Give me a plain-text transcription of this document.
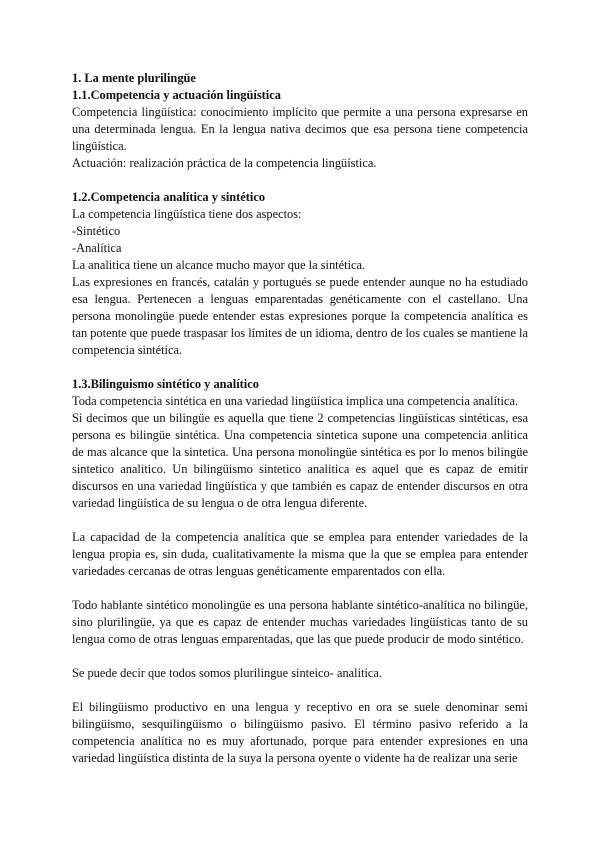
1. La mente plurilingüe
1.1.Competencia y actuación lingüística

Competencia lingüística: conocimiento implícito que permite a una persona expresarse en una determinada lengua. En la lengua nativa decimos que esa persona tiene competencia lingüística.

Actuación: realización práctica de la competencia lingüística.

1.2.Competencia analítica y sintético

La competencia lingüística tiene dos aspectos:

-Sintético

-Analítica

La analitica tiene un alcance mucho mayor que la sintética.

Las expresiones en francés, catalán y portugués se puede entender aunque no ha estudiado esa lengua. Pertenecen a lenguas emparentadas genéticamente con el castellano. Una persona monolingüe puede entender estas expresiones porque la competencia analítica es tan potente que puede traspasar los límites de un idioma, dentro de los cuales se mantiene la competencia sintética.

1.3.Bilinguismo sintético y analítico

Toda competencia sintética en una variedad lingüística implica una competencia analítica.

Si decimos que un bilingüe es aquella que tiene 2 competencias lingüísticas sintéticas, esa persona es bilingüe sintética. Una competencia sintetica supone una competencia anlitica de mas alcance que la sintetica. Una persona monolingüe sintética es por lo menos bilingüe sintetico analitico. Un bilingüismo sintetico analitica es aquel que es capaz de emitir discursos en una variedad lingüística y que también es capaz de entender discursos en otra variedad lingüística de su lengua o de otra lengua diferente.

La capacidad de la competencia analítica que se emplea para entender variedades de la lengua propia es, sin duda, cualitativamente la misma que la que se emplea para entender variedades cercanas de otras lenguas genéticamente emparentados con ella.

Todo hablante sintético monolingüe es una persona hablante sintético-analítica no bilingüe, sino plurilingüe, ya que es capaz de entender muchas variedades lingüísticas tanto de su lengua como de otras lenguas emparentadas, que las que puede producir de modo sintético.

Se puede decir que todos somos plurilingue sinteico- analitica.

El bilingüismo productivo en una lengua y receptivo en ora se suele denominar semi bilingüismo, sesquilingüismo o bilingüismo pasivo. El término pasivo referido a la competencia analítica no es muy afortunado, porque para entender expresiones en una variedad lingüística distinta de la suya la persona oyente o vidente ha de realizar una serie
